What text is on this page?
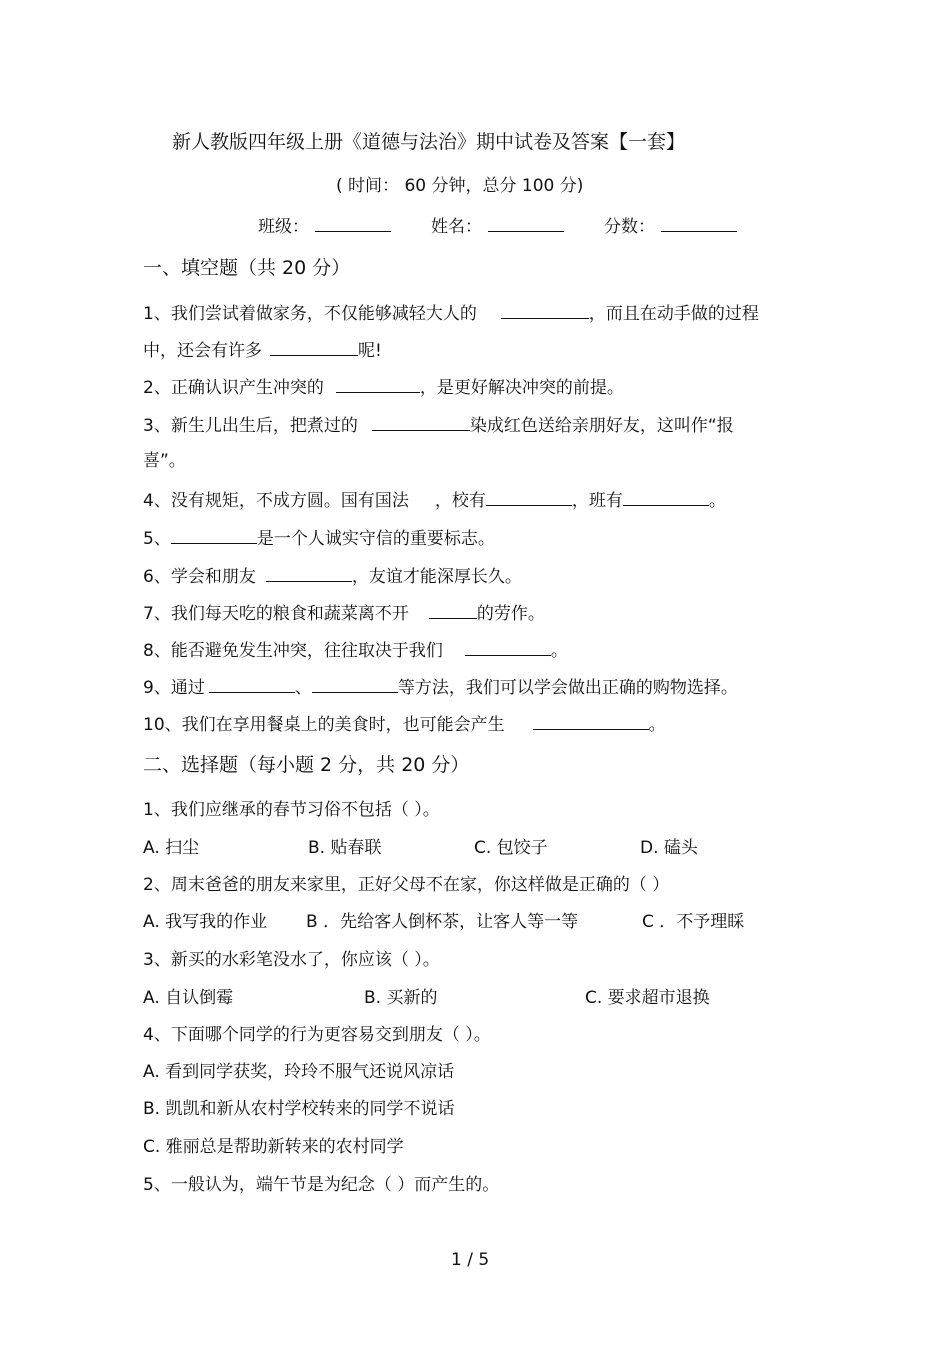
新人教版四年级上册《道德与法治》期中试卷及答案【一套】
( 时间： 60 分钟，总分 100 分)
班级：	姓名：	分数：
一、填空题（共 20 分）
1、我们尝试着做家务，不仅能够减轻大人的	，而且在动手做的过程
中，还会有许多	呢!
2、正确认识产生冲突的	，是更好解决冲突的前提。
3、新生儿出生后，把煮过的	染成红色送给亲朋好友，这叫作“报
喜”。
4、没有规矩，不成方圆。国有国法 ，校有	，班有	。
5、	是一个人诚实守信的重要标志。
6、学会和朋友	，友谊才能深厚长久。
7、我们每天吃的粮食和蔬菜离不开	的劳作。
8、能否避免发生冲突，往往取决于我们	。
9、通过	、	等方法，我们可以学会做出正确的购物选择。
10、我们在享用餐桌上的美食时，也可能会产生	。
二、选择题（每小题 2 分，共 20 分）
1、我们应继承的春节习俗不包括（ ）。
A. 扫尘	B. 贴春联	C. 包饺子	D. 磕头
2、周末爸爸的朋友来家里，正好父母不在家，你这样做是正确的（ ）
A. 我写我的作业 B ．先给客人倒杯茶，让客人等一等	C ．不予理睬
3、新买的水彩笔没水了，你应该（ ）。
A. 自认倒霉	B. 买新的	C. 要求超市退换
4、下面哪个同学的行为更容易交到朋友（ ）。
A. 看到同学获奖，玲玲不服气还说风凉话
B. 凯凯和新从农村学校转来的同学不说话
C. 雅丽总是帮助新转来的农村同学
5、一般认为，端午节是为纪念（ ）而产生的。
1 / 5
